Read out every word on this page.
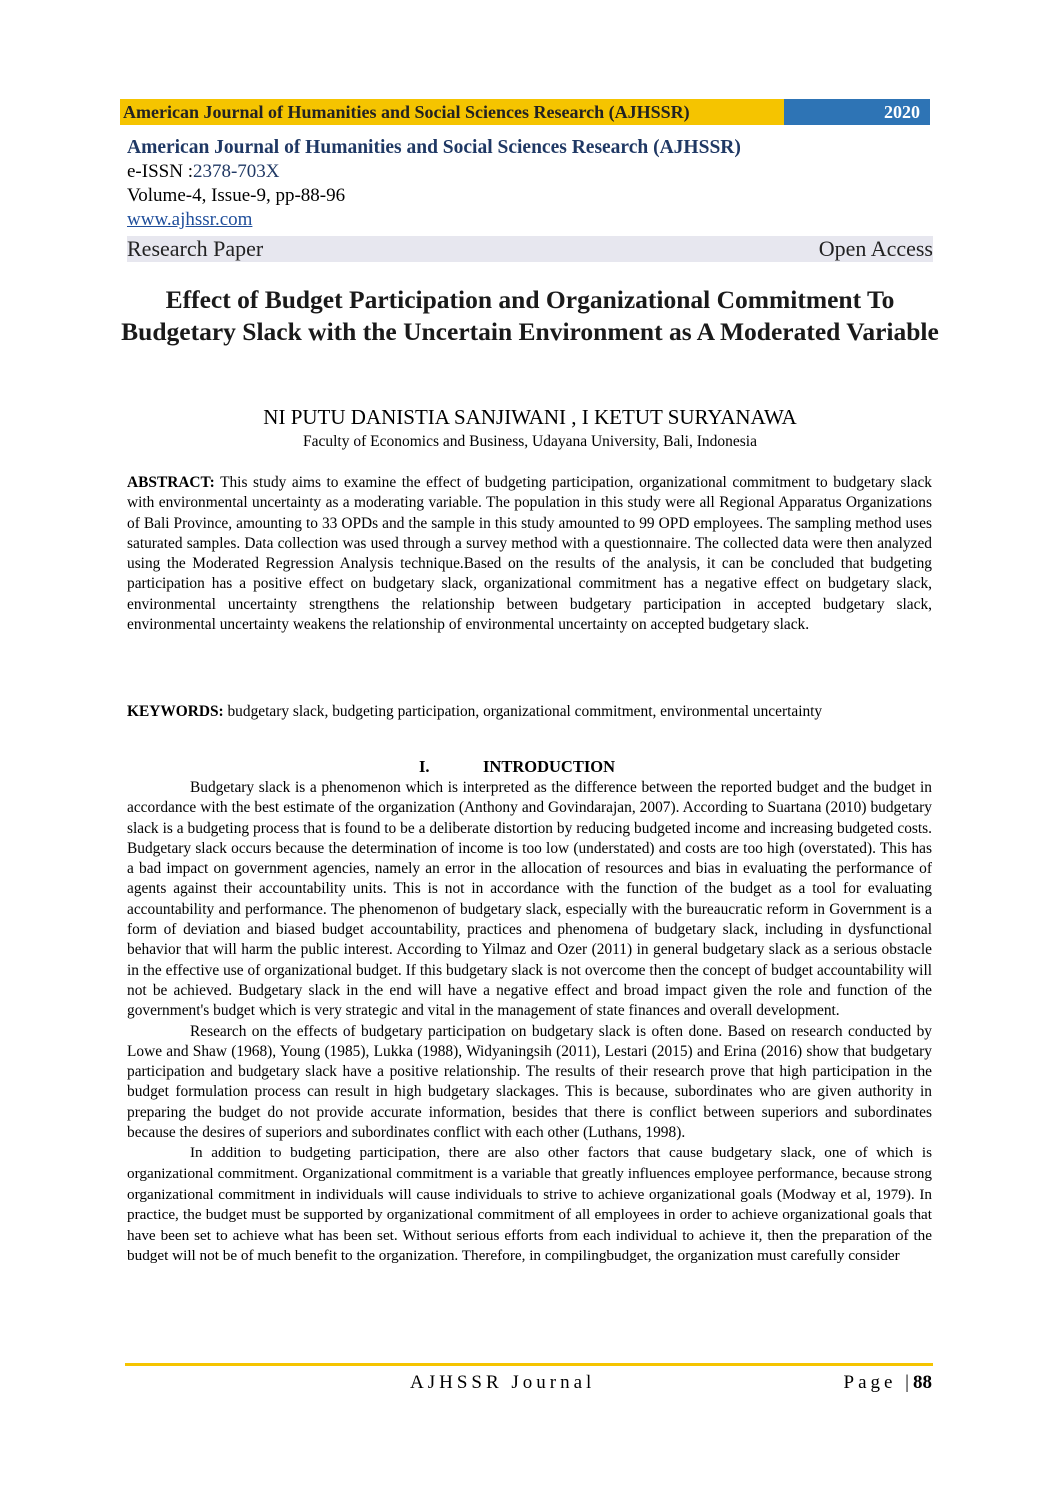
American Journal of Humanities and Social Sciences Research (AJHSSR)	2020
American Journal of Humanities and Social Sciences Research (AJHSSR)
e-ISSN :2378-703X
Volume-4, Issue-9, pp-88-96
www.ajhssr.com
Research Paper	Open Access
Effect of Budget Participation and Organizational Commitment To Budgetary Slack with the Uncertain Environment as A Moderated Variable
NI PUTU DANISTIA SANJIWANI , I KETUT SURYANAWA
Faculty of Economics and Business, Udayana University, Bali, Indonesia
ABSTRACT: This study aims to examine the effect of budgeting participation, organizational commitment to budgetary slack with environmental uncertainty as a moderating variable. The population in this study were all Regional Apparatus Organizations of Bali Province, amounting to 33 OPDs and the sample in this study amounted to 99 OPD employees. The sampling method uses saturated samples. Data collection was used through a survey method with a questionnaire. The collected data were then analyzed using the Moderated Regression Analysis technique.Based on the results of the analysis, it can be concluded that budgeting participation has a positive effect on budgetary slack, organizational commitment has a negative effect on budgetary slack, environmental uncertainty strengthens the relationship between budgetary participation in accepted budgetary slack, environmental uncertainty weakens the relationship of environmental uncertainty on accepted budgetary slack.
KEYWORDS: budgetary slack, budgeting participation, organizational commitment, environmental uncertainty
I.	INTRODUCTION

Budgetary slack is a phenomenon which is interpreted as the difference between the reported budget and the budget in accordance with the best estimate of the organization (Anthony and Govindarajan, 2007). According to Suartana (2010) budgetary slack is a budgeting process that is found to be a deliberate distortion by reducing budgeted income and increasing budgeted costs. Budgetary slack occurs because the determination of income is too low (understated) and costs are too high (overstated). This has a bad impact on government agencies, namely an error in the allocation of resources and bias in evaluating the performance of agents against their accountability units. This is not in accordance with the function of the budget as a tool for evaluating accountability and performance. The phenomenon of budgetary slack, especially with the bureaucratic reform in Government is a form of deviation and biased budget accountability, practices and phenomena of budgetary slack, including in dysfunctional behavior that will harm the public interest. According to Yilmaz and Ozer (2011) in general budgetary slack as a serious obstacle in the effective use of organizational budget. If this budgetary slack is not overcome then the concept of budget accountability will not be achieved. Budgetary slack in the end will have a negative effect and broad impact given the role and function of the government's budget which is very strategic and vital in the management of state finances and overall development.

Research on the effects of budgetary participation on budgetary slack is often done. Based on research conducted by Lowe and Shaw (1968), Young (1985), Lukka (1988), Widyaningsih (2011), Lestari (2015) and Erina (2016) show that budgetary participation and budgetary slack have a positive relationship. The results of their research prove that high participation in the budget formulation process can result in high budgetary slackages. This is because, subordinates who are given authority in preparing the budget do not provide accurate information, besides that there is conflict between superiors and subordinates because the desires of superiors and subordinates conflict with each other (Luthans, 1998).

In addition to budgeting participation, there are also other factors that cause budgetary slack, one of which is organizational commitment. Organizational commitment is a variable that greatly influences employee performance, because strong organizational commitment in individuals will cause individuals to strive to achieve organizational goals (Modway et al, 1979). In practice, the budget must be supported by organizational commitment of all employees in order to achieve organizational goals that have been set to achieve what has been set. Without serious efforts from each individual to achieve it, then the preparation of the budget will not be of much benefit to the organization. Therefore, in compilingbudget, the organization must carefully consider

AJHSSR Journal	Page |88
